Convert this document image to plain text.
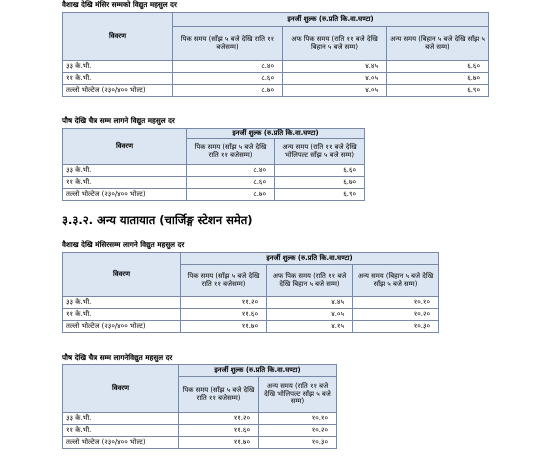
वैशाख देखि मंसिर सम्मको विद्युत महसुल दर
विवरण	इनर्जी शुल्क (रु.प्रति कि.वा.घण्टा)		
	पिक समय (साँझ ५ बजे देखि राति ११ बजेसम्म)	अफ पिक समय (राति ११ बजे देखि बिहान ५ बजे सम्म)	अन्य समय (बिहान ५ बजे देखि साँझ ५ बजे सम्म)
३३ के.भी.	८.४०	४.४५	६.६०
११ के.भी.	८.६०	४.०५	६.७०
तल्लो भोल्टेज (२३०/४०० भोल्ट)	८.७०	४.०५	६.९०
पौष देखि चैत्र सम्म लागने विद्युत महसुल दर
विवरण	इनर्जी शुल्क (रु.प्रति कि.वा.घण्टा)	
	पिक समय (साँझ ५ बजे देखि राति ११ बजेसम्म)	अन्य समय (राति ११ बजे देखि भोलिपल्ट साँझ ५ बजे सम्म)
३३ के.भी.	८.४०	६.६०
११ के.भी.	८.६०	६.७०
तल्लो भोल्टेज (२३०/४०० भोल्ट)	८.७०	६.९०
३.३.२. अन्य यातायात (चार्जिङ्ग स्टेशन समेत)
वैशाख देखि मंसिरसम्म लागने विद्युत महसुल दर
विवरण	इनर्जी शुल्क (रु.प्रति कि.वा.घण्टा)		
	पिक समय (साँझ ५ बजे देखि राति ११ बजेसम्म)	अफ पिक समय (राति ११ बजे देखि बिहान ५ बजे सम्म)	अन्य समय (बिहान ५ बजे देखि साँझ ५ बजे सम्म)
३३ के.भी.	११.२०	४.४५	१०.१०
११ के.भी.	११.६०	४.०५	१०.२०
तल्लो भोल्टेज (२३०/४०० भोल्ट)	११.७०	४.१५	१०.३०
पौष देखि चैत्र सम्म लागनेविद्युत महसुल दर
विवरण	इनर्जी शुल्क (रु.प्रति कि.वा.घण्टा)	
	पिक समय (साँझ ५ बजे देखि राति ११ बजेसम्म)	अन्य समय (राति ११ बजे देखि भोलिपल्ट साँझ ५ बजे सम्म)
३३ के.भी.	११.२०	१०.१०
११ के.भी.	११.६०	१०.२०
तल्लो भोल्टेज (२३०/४०० भोल्ट)	११.७०	१०.३०
